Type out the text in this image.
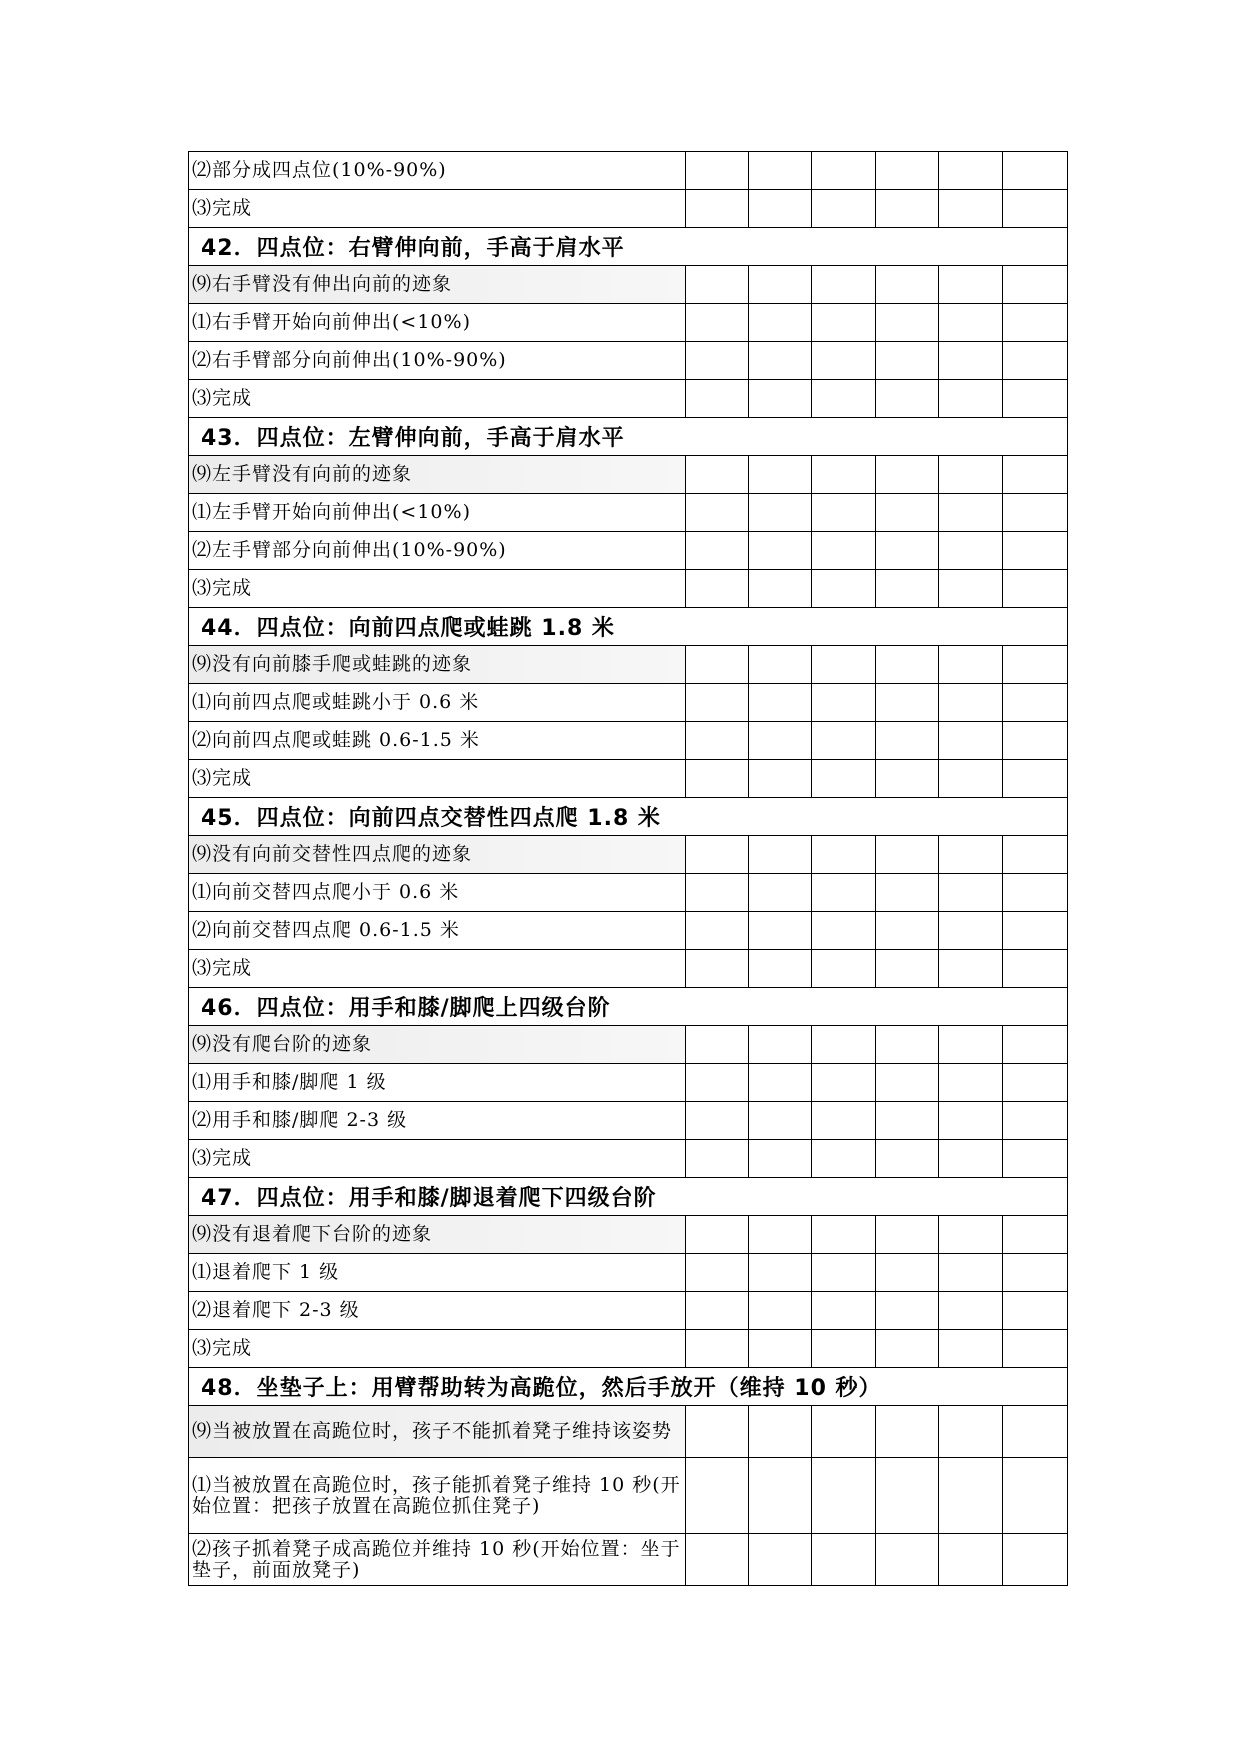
⑵部分成四点位(10%-90%)						
⑶完成						
42．四点位：右臂伸向前，手高于肩水平						
⑼右手臂没有伸出向前的迹象						
⑴右手臂开始向前伸出(<10%)						
⑵右手臂部分向前伸出(10%-90%)						
⑶完成						
43．四点位：左臂伸向前，手高于肩水平						
⑼左手臂没有向前的迹象						
⑴左手臂开始向前伸出(<10%)						
⑵左手臂部分向前伸出(10%-90%)						
⑶完成						
44．四点位：向前四点爬或蛙跳 1.8 米						
⑼没有向前膝手爬或蛙跳的迹象						
⑴向前四点爬或蛙跳小于 0.6 米						
⑵向前四点爬或蛙跳 0.6-1.5 米						
⑶完成						
45．四点位：向前四点交替性四点爬 1.8 米						
⑼没有向前交替性四点爬的迹象						
⑴向前交替四点爬小于 0.6 米						
⑵向前交替四点爬 0.6-1.5 米						
⑶完成						
46．四点位：用手和膝/脚爬上四级台阶						
⑼没有爬台阶的迹象						
⑴用手和膝/脚爬 1 级						
⑵用手和膝/脚爬 2-3 级						
⑶完成						
47．四点位：用手和膝/脚退着爬下四级台阶						
⑼没有退着爬下台阶的迹象						
⑴退着爬下 1 级						
⑵退着爬下 2-3 级						
⑶完成						
48．坐垫子上：用臂帮助转为高跪位，然后手放开（维持 10 秒）						
⑼当被放置在高跪位时，孩子不能抓着凳子维持该姿势						
⑴当被放置在高跪位时，孩子能抓着凳子维持 10 秒(开始位置：把孩子放置在高跪位抓住凳子)						
⑵孩子抓着凳子成高跪位并维持 10 秒(开始位置：坐于垫子，前面放凳子)						
